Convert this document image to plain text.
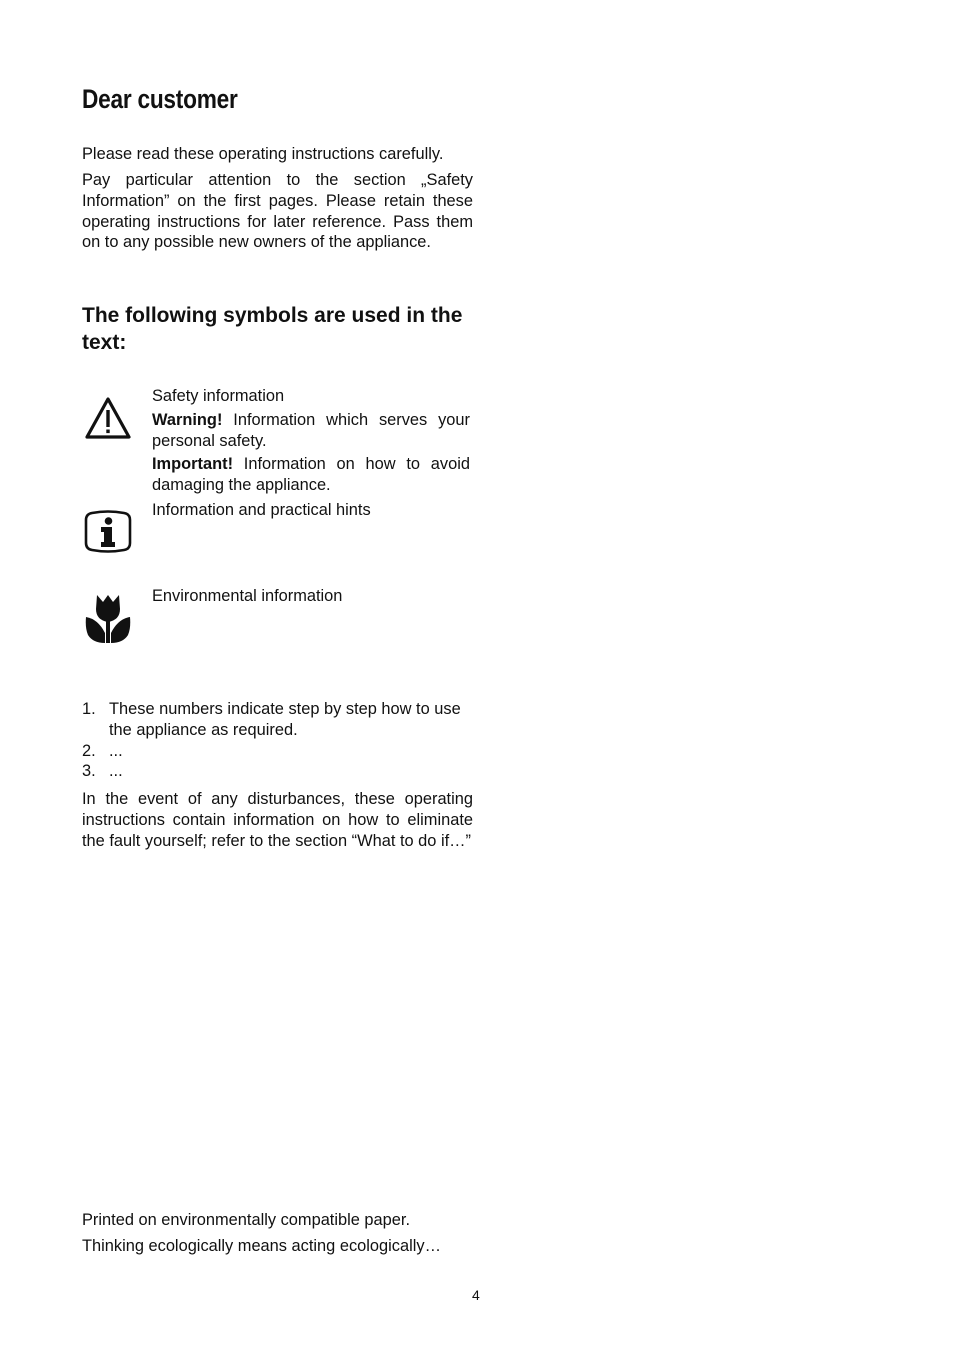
Dear customer

Please read these operating instructions carefully.

Pay particular attention to the section „Safety Information” on the first pages. Please retain these operating instructions for later reference. Pass them on to any possible new owners of the appliance.

The following symbols are used in the text:

Safety information

Warning! Information which serves your personal safety.

Important! Information on how to avoid damaging the appliance.

Information and practical hints

Environmental information

1. These numbers indicate step by step how to use the appliance as required.
2. ...
3. ...

In the event of any disturbances, these operating instructions contain information on how to eliminate the fault yourself; refer to the section “What to do if…”

Printed on environmentally compatible paper.

Thinking ecologically means acting ecologically…

4
